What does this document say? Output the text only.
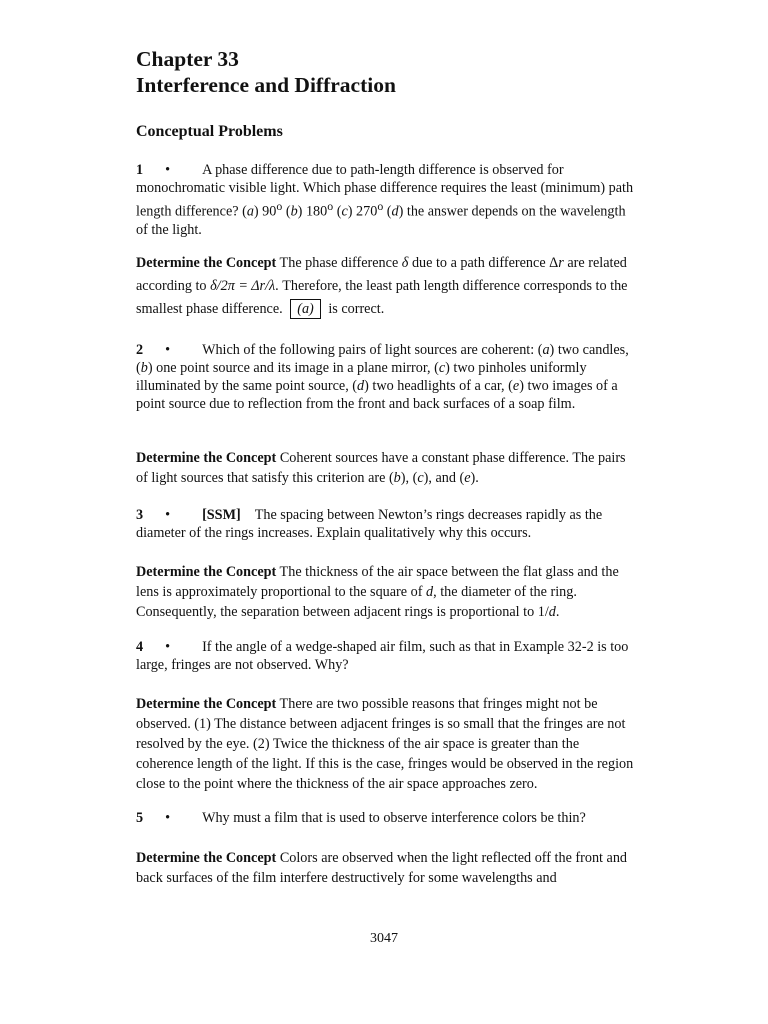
Chapter 33
Interference and Diffraction
Conceptual Problems

1 • A phase difference due to path-length difference is observed for monochromatic visible light. Which phase difference requires the least (minimum) path length difference? (a) 90$^o$ (b) 180$^o$ (c) 270$^o$ (d) the answer depends on the wavelength of the light.

Determine the Concept The phase difference δ due to a path difference Δr are related according to δ/2π = Δr/λ. Therefore, the least path length difference corresponds to the smallest phase difference. (a) is correct.

2 • Which of the following pairs of light sources are coherent: (a) two candles, (b) one point source and its image in a plane mirror, (c) two pinholes uniformly illuminated by the same point source, (d) two headlights of a car, (e) two images of a point source due to reflection from the front and back surfaces of a soap film.

Determine the Concept Coherent sources have a constant phase difference. The pairs of light sources that satisfy this criterion are (b), (c), and (e).

3 • [SSM] The spacing between Newton’s rings decreases rapidly as the diameter of the rings increases. Explain qualitatively why this occurs.

Determine the Concept The thickness of the air space between the flat glass and the lens is approximately proportional to the square of d, the diameter of the ring. Consequently, the separation between adjacent rings is proportional to 1/d.

4 • If the angle of a wedge-shaped air film, such as that in Example 32-2 is too large, fringes are not observed. Why?

Determine the Concept There are two possible reasons that fringes might not be observed. (1) The distance between adjacent fringes is so small that the fringes are not resolved by the eye. (2) Twice the thickness of the air space is greater than the coherence length of the light. If this is the case, fringes would be observed in the region close to the point where the thickness of the air space approaches zero.

5 • Why must a film that is used to observe interference colors be thin?

Determine the Concept Colors are observed when the light reflected off the front and back surfaces of the film interfere destructively for some wavelengths and

3047
